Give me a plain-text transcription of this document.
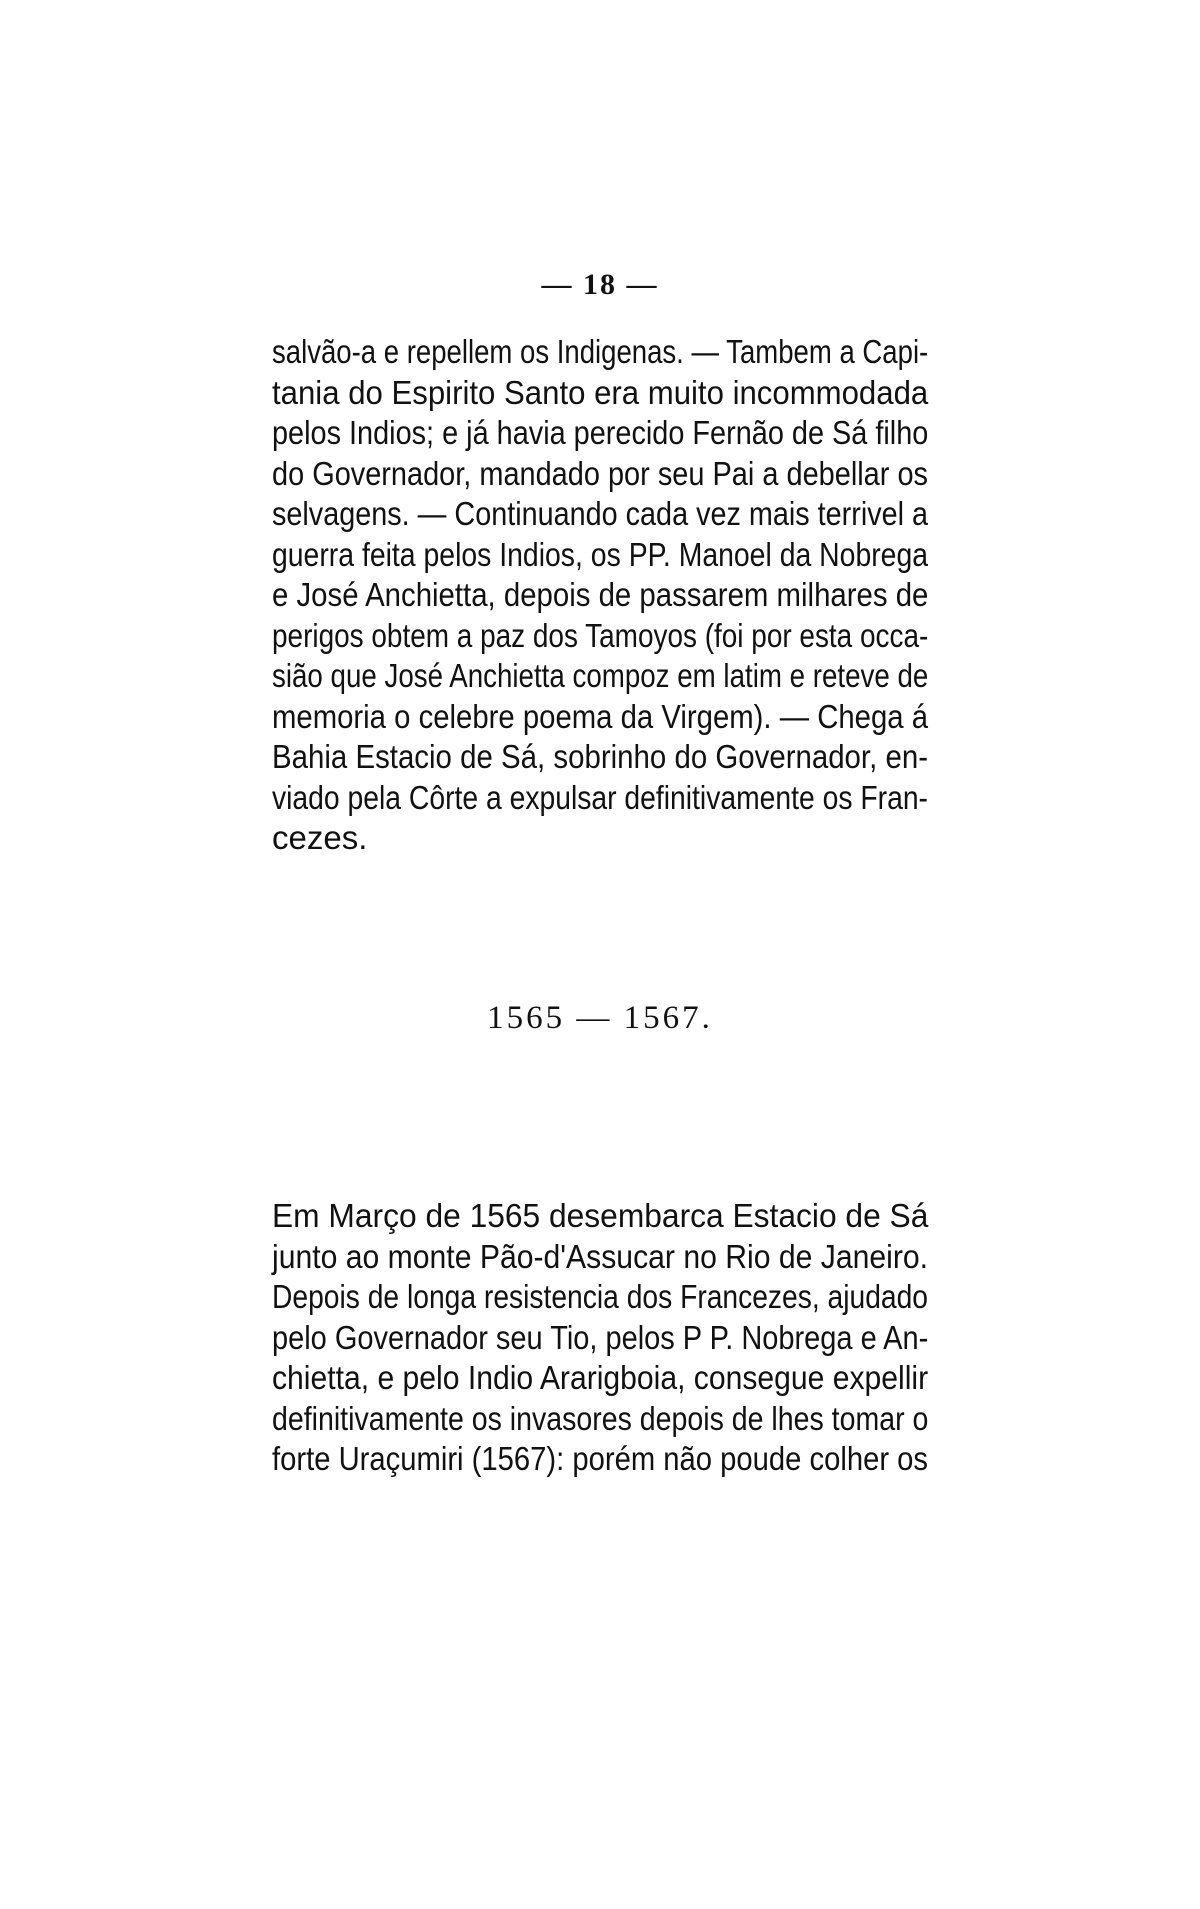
— 18 —
salvão-a e repellem os Indigenas. — Tambem a Capi-
tania do Espirito Santo era muito incommodada
pelos Indios; e já havia perecido Fernão de Sá filho
do Governador, mandado por seu Pai a debellar os
selvagens. — Continuando cada vez mais terrivel a
guerra feita pelos Indios, os PP. Manoel da Nobrega
e José Anchietta, depois de passarem milhares de
perigos obtem a paz dos Tamoyos (foi por esta occa-
sião que José Anchietta compoz em latim e reteve de
memoria o celebre poema da Virgem). — Chega á
Bahia Estacio de Sá, sobrinho do Governador, en-
viado pela Côrte a expulsar definitivamente os Fran-
cezes.
1565 — 1567.
Em Março de 1565 desembarca Estacio de Sá
junto ao monte Pão-d'Assucar no Rio de Janeiro.
Depois de longa resistencia dos Francezes, ajudado
pelo Governador seu Tio, pelos P P. Nobrega e An-
chietta, e pelo Indio Ararigboia, consegue expellir
definitivamente os invasores depois de lhes tomar o
forte Uraçumiri (1567): porém não poude colher os
